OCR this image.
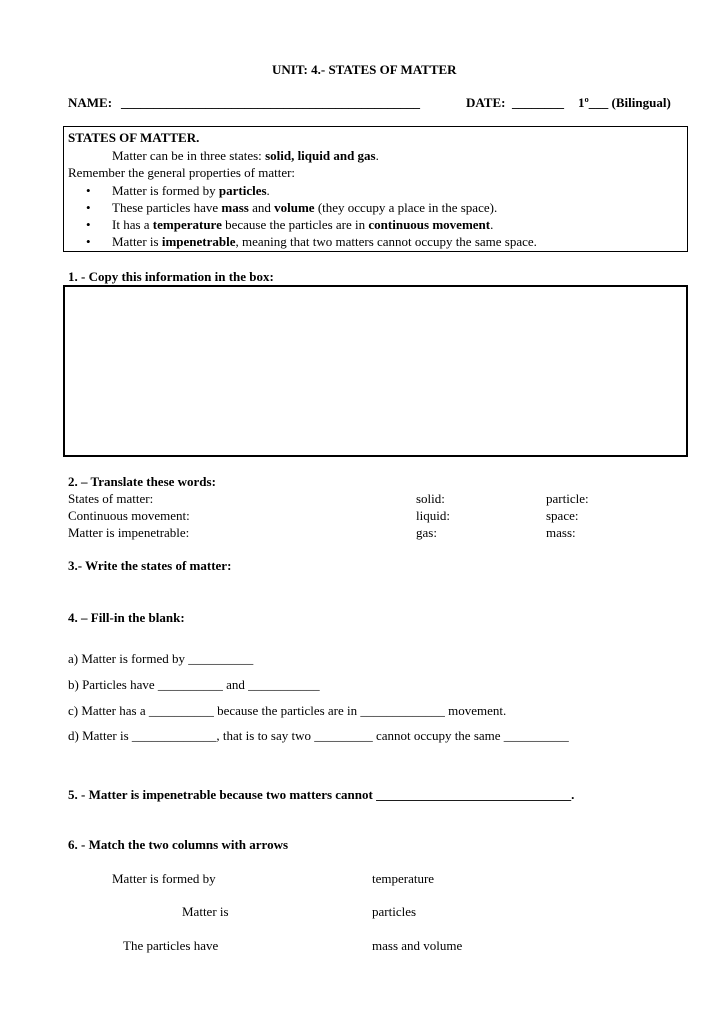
UNIT: 4.- STATES OF MATTER
NAME: ______________________________________________	DATE: ________ 1º___ (Bilingual)
STATES OF MATTER.
Matter can be in three states: solid, liquid and gas.
Remember the general properties of matter:
• Matter is formed by particles.
• These particles have mass and volume (they occupy a place in the space).
• It has a temperature because the particles are in continuous movement.
• Matter is impenetrable, meaning that two matters cannot occupy the same space.
1. - Copy this information in the box:
2. – Translate these words:
States of matter:
Continuous movement:
Matter is impenetrable:
solid:
liquid:
gas:
particle:
space:
mass:
3.- Write the states of matter:
4. – Fill-in the blank:
a) Matter is formed by __________
b) Particles have __________ and ___________
c) Matter has a __________ because the particles are in _____________ movement.
d) Matter is _____________, that is to say two _________ cannot occupy the same __________
5. - Matter is impenetrable because two matters cannot ______________________________.
6. - Match the two columns with arrows
Matter is formed by
Matter is
The particles have
temperature
particles
mass and volume
